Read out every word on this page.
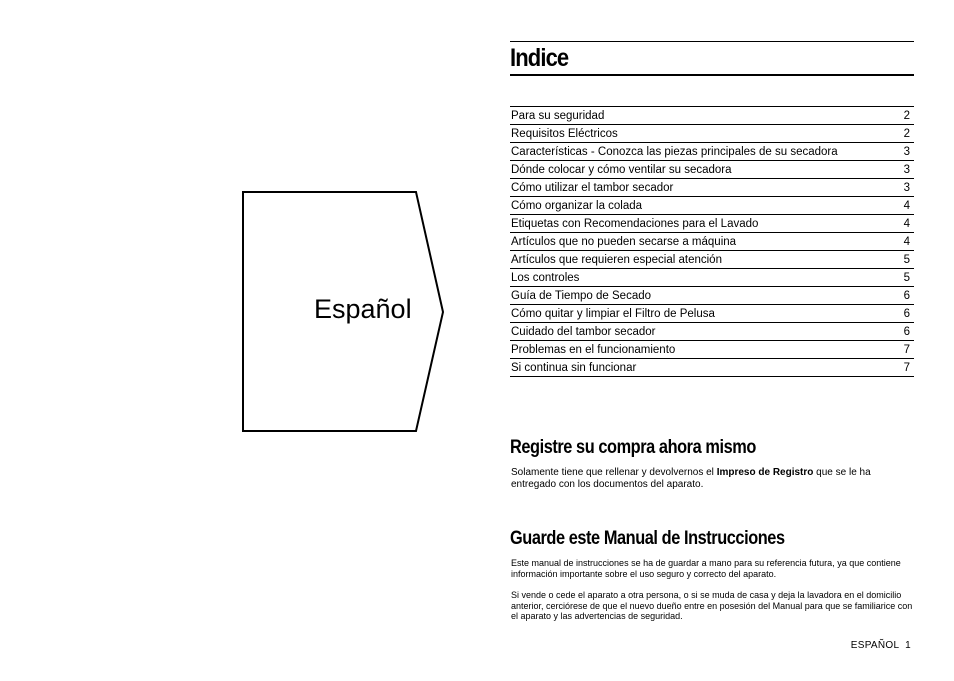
Español
Indice
Para su seguridad	2
Requisitos Eléctricos	2
Características - Conozca las piezas principales de su secadora	3
Dónde colocar y cómo ventilar su secadora	3
Cómo utilizar el tambor secador	3
Cómo organizar la colada	4
Etiquetas con Recomendaciones para el Lavado	4
Artículos que no pueden secarse a máquina	4
Artículos que requieren especial atención	5
Los controles	5
Guía de Tiempo de Secado	6
Cómo quitar y limpiar el Filtro de Pelusa	6
Cuidado del tambor secador	6
Problemas en el funcionamiento	7
Si continua sin funcionar	7
Registre su compra ahora mismo

Solamente tiene que rellenar y devolvernos el Impreso de Registro que se le ha entregado con los documentos del aparato.

Guarde este Manual de Instrucciones

Este manual de instrucciones se ha de guardar a mano para su referencia futura, ya que contiene información importante sobre el uso seguro y correcto del aparato.

Si vende o cede el aparato a otra persona, o si se muda de casa y deja la lavadora en el domicilio anterior, cerciórese de que el nuevo dueño entre en posesión del Manual para que se familiarice con el aparato y las advertencias de seguridad.

ESPAÑOL  1
